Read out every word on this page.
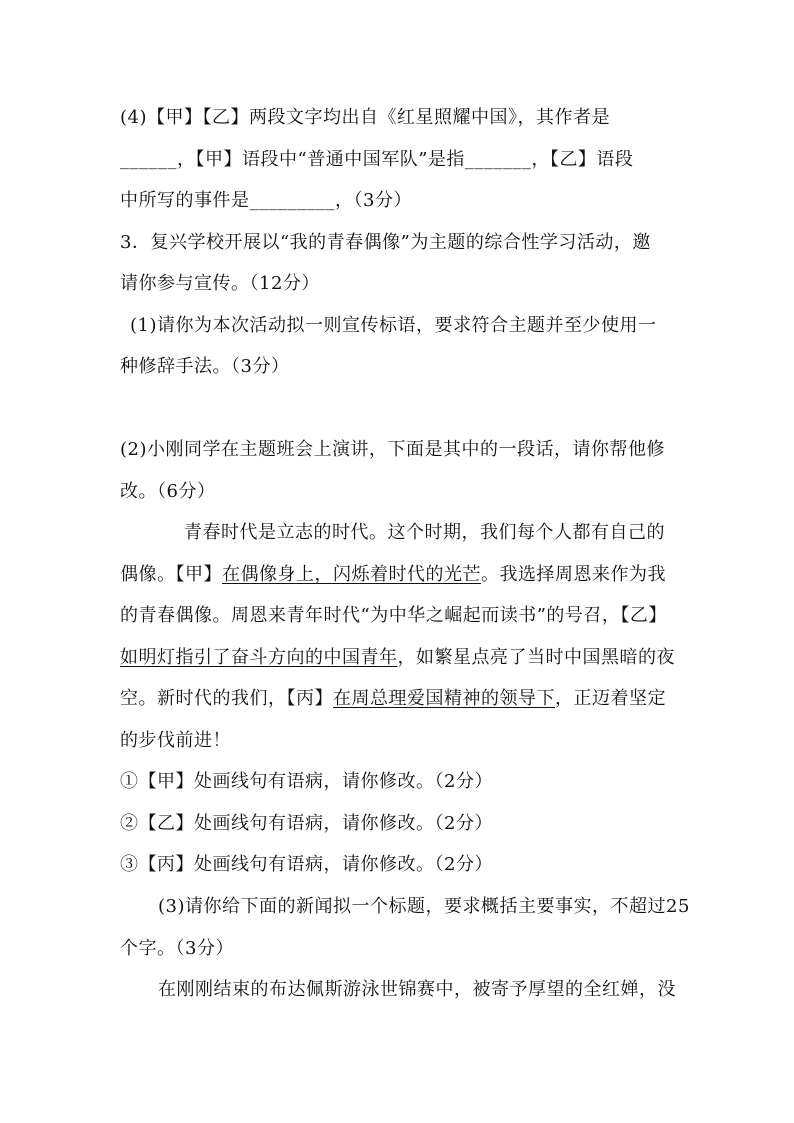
(4)【甲】【乙】两段文字均出自《红星照耀中国》，其作者是
______，【甲】语段中“普通中国军队”是指_______，【乙】语段
中所写的事件是_________，（3分）
3．复兴学校开展以“我的青春偶像”为主题的综合性学习活动，邀
请你参与宣传。（12分）
(1)请你为本次活动拟一则宣传标语，要求符合主题并至少使用一
种修辞手法。（3分）
(2)小刚同学在主题班会上演讲，下面是其中的一段话，请你帮他修
改。（6分）
青春时代是立志的时代。这个时期，我们每个人都有自己的
偶像。【甲】在偶像身上，闪烁着时代的光芒。我选择周恩来作为我
的青春偶像。周恩来青年时代“为中华之崛起而读书”的号召，【乙】
如明灯指引了奋斗方向的中国青年，如繁星点亮了当时中国黑暗的夜
空。新时代的我们，【丙】在周总理爱国精神的领导下，正迈着坚定
的步伐前进！
①【甲】处画线句有语病，请你修改。（2分）
②【乙】处画线句有语病，请你修改。（2分）
③【丙】处画线句有语病，请你修改。（2分）
(3)请你给下面的新闻拟一个标题，要求概括主要事实，不超过25
个字。（3分）
在刚刚结束的布达佩斯游泳世锦赛中，被寄予厚望的全红婵，没
